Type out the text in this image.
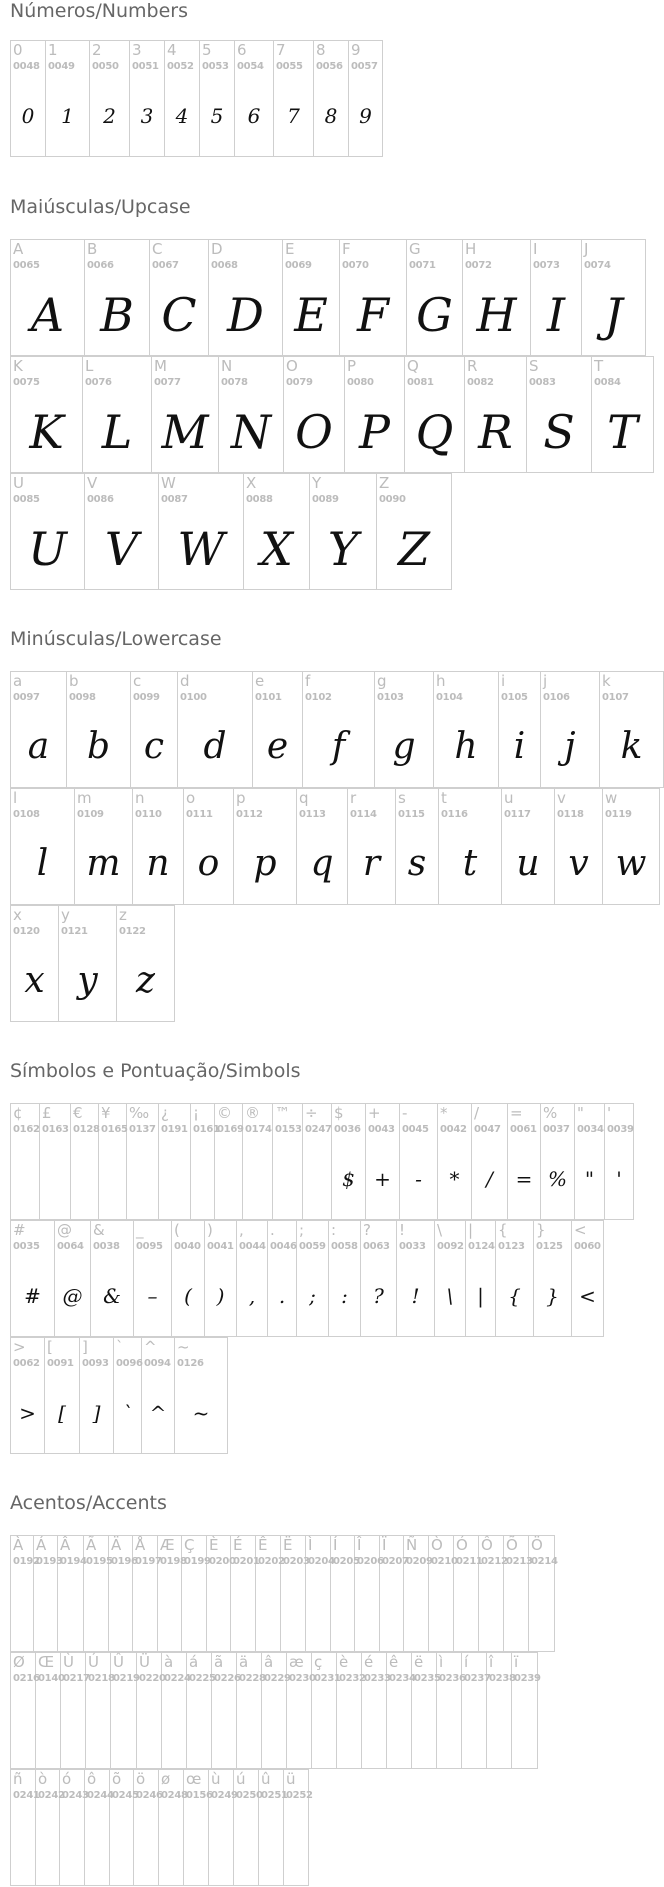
Números/Numbers
0
0048
0
1
0049
1
2
0050
2
3
0051
3
4
0052
4
5
0053
5
6
0054
6
7
0055
7
8
0056
8
9
0057
9
Maiúsculas/Upcase
A
0065
A
B
0066
B
C
0067
C
D
0068
D
E
0069
E
F
0070
F
G
0071
G
H
0072
H
I
0073
I
J
0074
J
K
0075
K
L
0076
L
M
0077
M
N
0078
N
O
0079
O
P
0080
P
Q
0081
Q
R
0082
R
S
0083
S
T
0084
T
U
0085
U
V
0086
V
W
0087
W
X
0088
X
Y
0089
Y
Z
0090
Z
Minúsculas/Lowercase
a
0097
a
b
0098
b
c
0099
c
d
0100
d
e
0101
e
f
0102
f
g
0103
g
h
0104
h
i
0105
i
j
0106
j
k
0107
k
l
0108
l
m
0109
m
n
0110
n
o
0111
o
p
0112
p
q
0113
q
r
0114
r
s
0115
s
t
0116
t
u
0117
u
v
0118
v
w
0119
w
x
0120
x
y
0121
y
z
0122
z
Símbolos e Pontuação/Simbols
¢
0162
£
0163
€
0128
¥
0165
‰
0137
¿
0191
¡
0161
©
0169
®
0174
™
0153
÷
0247
$
0036
$
+
0043
+
-
0045
-
*
0042
*
/
0047
/
=
0061
=
%
0037
%
"
0034
"
'
0039
'
#
0035
#
@
0064
@
&
0038
&
_
0095
–
(
0040
(
)
0041
)
,
0044
,
.
0046
.
;
0059
;
:
0058
:
?
0063
?
!
0033
!
\
0092
\
|
0124
|
{
0123
{
}
0125
}
<
0060
<
>
0062
>
[
0091
[
]
0093
]
`
0096
`
^
0094
^
~
0126
~
Acentos/Accents
À
0192
Á
0193
Â
0194
Ã
0195
Ä
0196
Å
0197
Æ
0198
Ç
0199
È
0200
É
0201
Ê
0202
Ë
0203
Ì
0204
Í
0205
Î
0206
Ï
0207
Ñ
0209
Ò
0210
Ó
0211
Ô
0212
Õ
0213
Ö
0214
Ø
0216
Œ
0140
Ù
0217
Ú
0218
Û
0219
Ü
0220
à
0224
á
0225
ã
0226
ä
0228
â
0229
æ
0230
ç
0231
è
0232
é
0233
ê
0234
ë
0235
ì
0236
í
0237
î
0238
ï
0239
ñ
0241
ò
0242
ó
0243
ô
0244
õ
0245
ö
0246
ø
0248
œ
0156
ù
0249
ú
0250
û
0251
ü
0252
